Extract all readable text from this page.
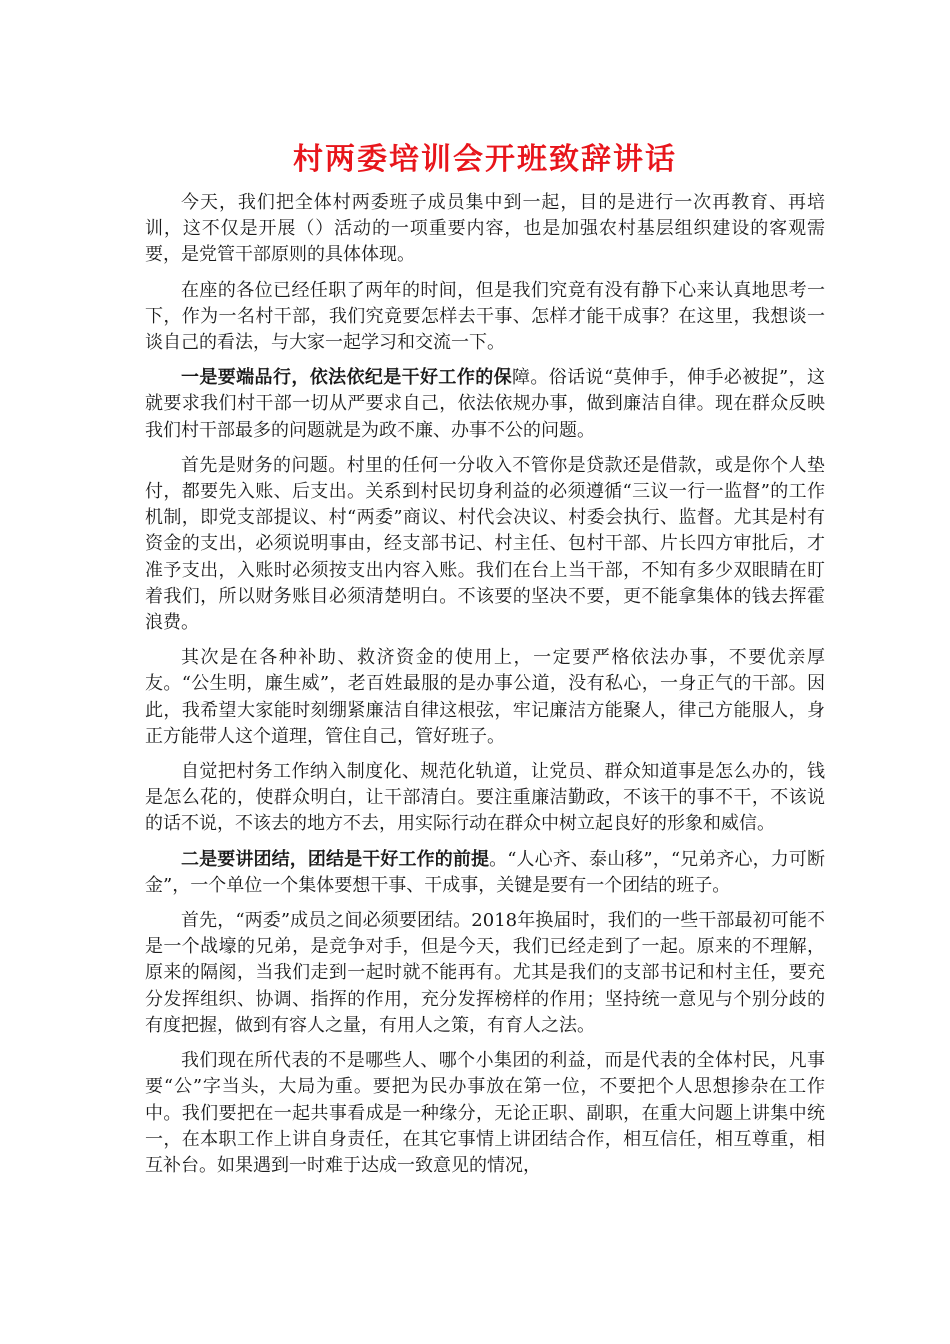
村两委培训会开班致辞讲话

今天，我们把全体村两委班子成员集中到一起，目的是进行一次再教育、再培训，这不仅是开展（）活动的一项重要内容，也是加强农村基层组织建设的客观需要，是党管干部原则的具体体现。

在座的各位已经任职了两年的时间，但是我们究竟有没有静下心来认真地思考一下，作为一名村干部，我们究竟要怎样去干事、怎样才能干成事？在这里，我想谈一谈自己的看法，与大家一起学习和交流一下。

一是要端品行，依法依纪是干好工作的保障。俗话说“莫伸手，伸手必被捉”，这就要求我们村干部一切从严要求自己，依法依规办事，做到廉洁自律。现在群众反映我们村干部最多的问题就是为政不廉、办事不公的问题。

首先是财务的问题。村里的任何一分收入不管你是贷款还是借款，或是你个人垫付，都要先入账、后支出。关系到村民切身利益的必须遵循“三议一行一监督”的工作机制，即党支部提议、村“两委”商议、村代会决议、村委会执行、监督。尤其是村有资金的支出，必须说明事由，经支部书记、村主任、包村干部、片长四方审批后，才准予支出，入账时必须按支出内容入账。我们在台上当干部，不知有多少双眼睛在盯着我们，所以财务账目必须清楚明白。不该要的坚决不要，更不能拿集体的钱去挥霍浪费。

其次是在各种补助、救济资金的使用上，一定要严格依法办事，不要优亲厚友。“公生明，廉生威”，老百姓最服的是办事公道，没有私心，一身正气的干部。因此，我希望大家能时刻绷紧廉洁自律这根弦，牢记廉洁方能聚人，律己方能服人，身正方能带人这个道理，管住自己，管好班子。

自觉把村务工作纳入制度化、规范化轨道，让党员、群众知道事是怎么办的，钱是怎么花的，使群众明白，让干部清白。要注重廉洁勤政，不该干的事不干，不该说的话不说，不该去的地方不去，用实际行动在群众中树立起良好的形象和威信。

二是要讲团结，团结是干好工作的前提。“人心齐、泰山移”，“兄弟齐心，力可断金”，一个单位一个集体要想干事、干成事，关键是要有一个团结的班子。

首先，“两委”成员之间必须要团结。2018年换届时，我们的一些干部最初可能不是一个战壕的兄弟，是竞争对手，但是今天，我们已经走到了一起。原来的不理解，原来的隔阂，当我们走到一起时就不能再有。尤其是我们的支部书记和村主任，要充分发挥组织、协调、指挥的作用，充分发挥榜样的作用；坚持统一意见与个别分歧的有度把握，做到有容人之量，有用人之策，有育人之法。

我们现在所代表的不是哪些人、哪个小集团的利益，而是代表的全体村民，凡事要“公”字当头，大局为重。要把为民办事放在第一位，不要把个人思想掺杂在工作中。我们要把在一起共事看成是一种缘分，无论正职、副职，在重大问题上讲集中统一，在本职工作上讲自身责任，在其它事情上讲团结合作，相互信任，相互尊重，相互补台。如果遇到一时难于达成一致意见的情况，
